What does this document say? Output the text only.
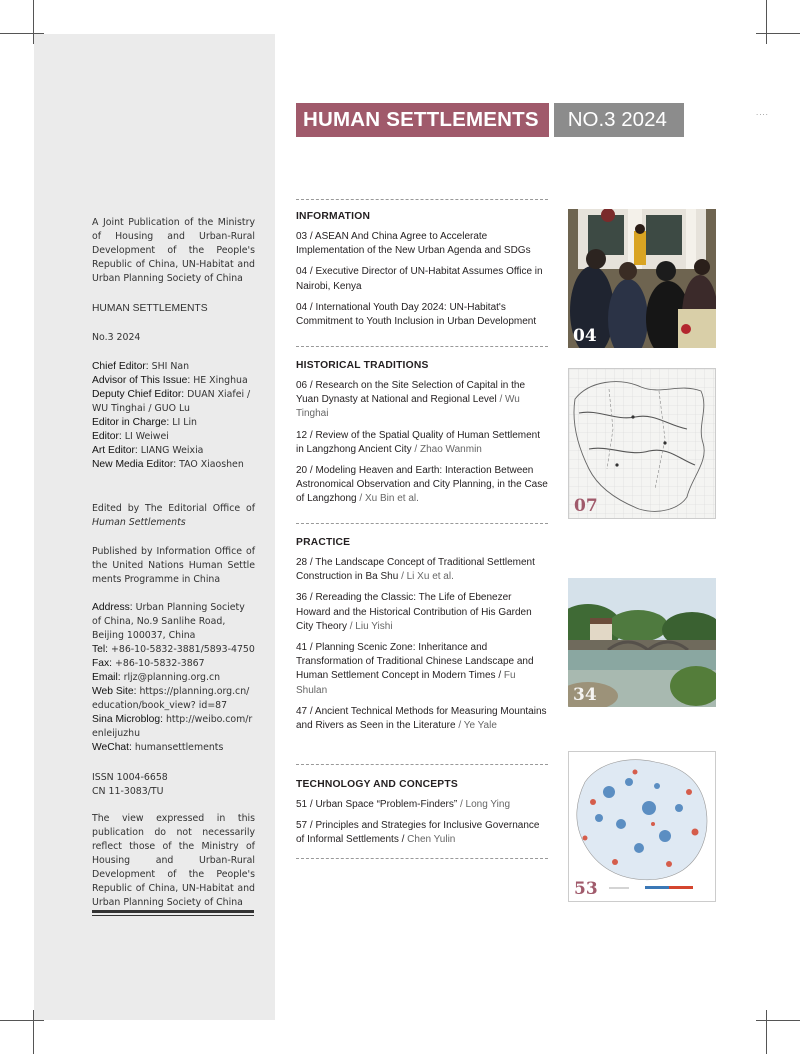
A Joint Publication of the Ministry of Housing and Urban-Rural Development of the People's Republic of China, UN-Habitat and Urban Planning Society of China
HUMAN SETTLEMENTS
No.3 2024
Chief Editor: SHI Nan
Advisor of This Issue: HE Xinghua
Deputy Chief Editor: DUAN Xiafei / WU Tinghai / GUO Lu
Editor in Charge: LI Lin
Editor: LI Weiwei
Art Editor: LIANG Weixia
New Media Editor: TAO Xiaoshen
Edited by The Editorial Office of Human Settlements
Published by Information Office of the United Nations Human Settle ments Programme in China
Address: Urban Planning Society of China, No.9 Sanlihe Road, Beijing 100037, China
Tel: +86-10-5832-3881/5893-4750
Fax: +86-10-5832-3867
Email: rljz@planning.org.cn
Web Site: https://planning.org.cn/education/book_view? id=87
Sina Microblog: http://weibo.com/renleijuzhu
WeChat: humansettlements
ISSN 1004-6658
CN 11-3083/TU
The view expressed in this publication do not necessarily reflect those of the Ministry of Housing and Urban-Rural Development of the People's Republic of China, UN-Habitat and Urban Planning Society of China
HUMAN SETTLEMENTS	NO.3 2024	....
INFORMATION
03 / ASEAN And China Agree to Accelerate Implementation of the New Urban Agenda and SDGs
04 / Executive Director of UN-Habitat Assumes Office in Nairobi, Kenya
04 / International Youth Day 2024: UN-Habitat's Commitment to Youth Inclusion in Urban Development
HISTORICAL TRADITIONS
06 / Research on the Site Selection of Capital in the Yuan Dynasty at National and Regional Level / Wu Tinghai
12 / Review of the Spatial Quality of Human Settlement in Langzhong Ancient City / Zhao Wanmin
20 / Modeling Heaven and Earth: Interaction Between Astronomical Observation and City Planning, in the Case of Langzhong / Xu Bin et al.
PRACTICE
28 / The Landscape Concept of Traditional Settlement Construction in Ba Shu / Li Xu et al.
36 / Rereading the Classic: The Life of Ebenezer Howard and the Historical Contribution of His Garden City Theory / Liu Yishi
41 / Planning Scenic Zone: Inheritance and Transformation of Traditional Chinese Landscape and Human Settlement Concept in Modern Times / Fu Shulan
47 / Ancient Technical Methods for Measuring Mountains and Rivers as Seen in the Literature / Ye Yale
TECHNOLOGY AND CONCEPTS
51 / Urban Space “Problem-Finders” / Long Ying
57 / Principles and Strategies for Inclusive Governance of Informal Settlements / Chen Yulin
04
07
34
53
